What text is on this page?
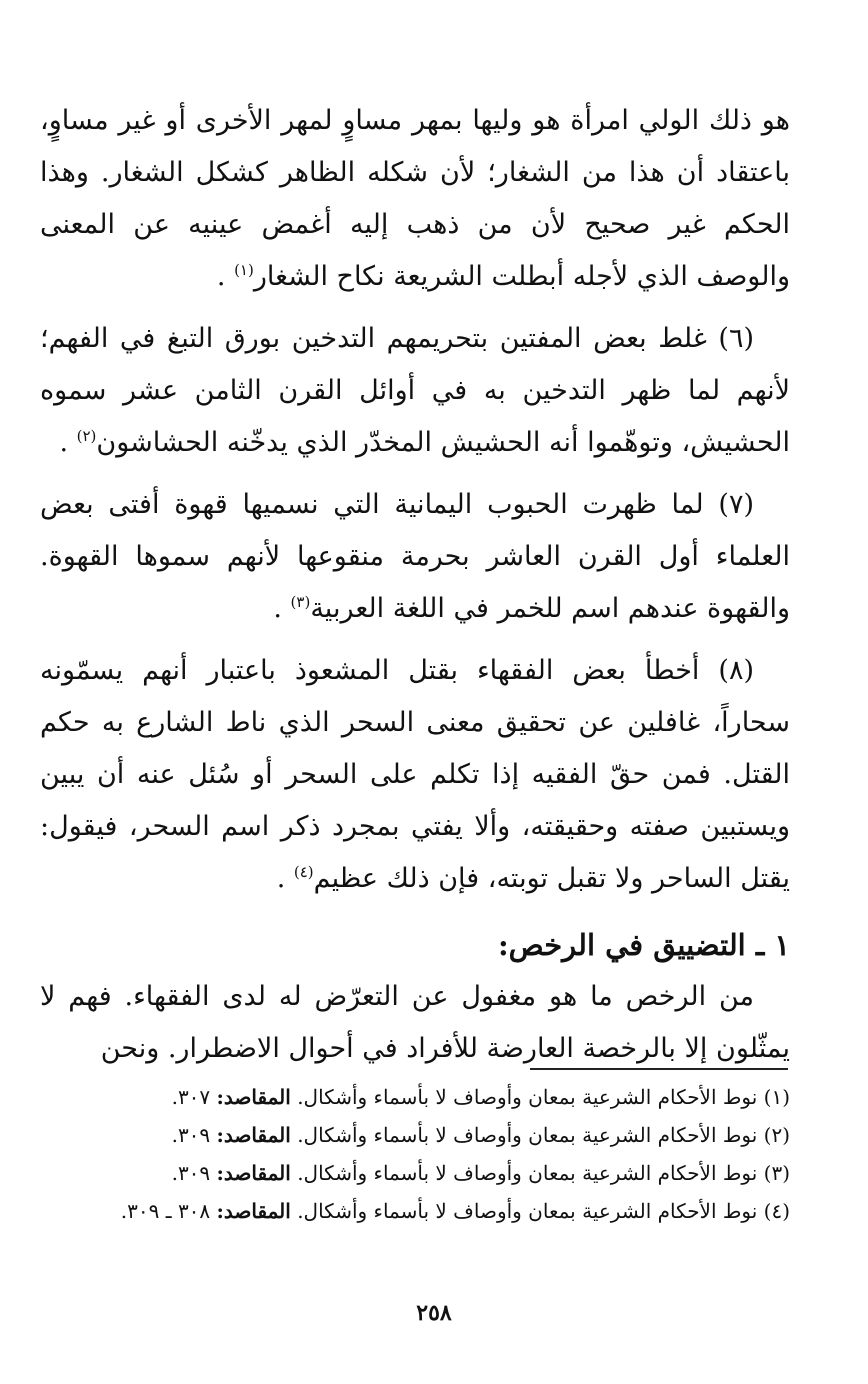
هو ذلك الولي امرأة هو وليها بمهر مساوٍ لمهر الأخرى أو غير مساوٍ، باعتقاد أن هذا من الشغار؛ لأن شكله الظاهر كشكل الشغار. وهذا الحكم غير صحيح لأن من ذهب إليه أغمض عينيه عن المعنى والوصف الذي لأجله أبطلت الشريعة نكاح الشغار$^{(١)}$ .

(٦) غلط بعض المفتين بتحريمهم التدخين بورق التبغ في الفهم؛ لأنهم لما ظهر التدخين به في أوائل القرن الثامن عشر سموه الحشيش، وتوهّموا أنه الحشيش المخدّر الذي يدخّنه الحشاشون$^{(٢)}$ .

(٧) لما ظهرت الحبوب اليمانية التي نسميها قهوة أفتى بعض العلماء أول القرن العاشر بحرمة منقوعها لأنهم سموها القهوة. والقهوة عندهم اسم للخمر في اللغة العربية$^{(٣)}$ .

(٨) أخطأ بعض الفقهاء بقتل المشعوذ باعتبار أنهم يسمّونه سحاراً، غافلين عن تحقيق معنى السحر الذي ناط الشارع به حكم القتل. فمن حقّ الفقيه إذا تكلم على السحر أو سُئل عنه أن يبين ويستبين صفته وحقيقته، وألا يفتي بمجرد ذكر اسم السحر، فيقول: يقتل الساحر ولا تقبل توبته، فإن ذلك عظيم$^{(٤)}$ .

١ ـ التضييق في الرخص:

من الرخص ما هو مغفول عن التعرّض له لدى الفقهاء. فهم لا يمثّلون إلا بالرخصة العارضة للأفراد في أحوال الاضطرار. ونحن

(١) نوط الأحكام الشرعية بمعان وأوصاف لا بأسماء وأشكال. المقاصد: ٣٠٧.

(٢) نوط الأحكام الشرعية بمعان وأوصاف لا بأسماء وأشكال. المقاصد: ٣٠٩.

(٣) نوط الأحكام الشرعية بمعان وأوصاف لا بأسماء وأشكال. المقاصد: ٣٠٩.

(٤) نوط الأحكام الشرعية بمعان وأوصاف لا بأسماء وأشكال. المقاصد: ٣٠٨ ـ ٣٠٩.

٢٥٨
